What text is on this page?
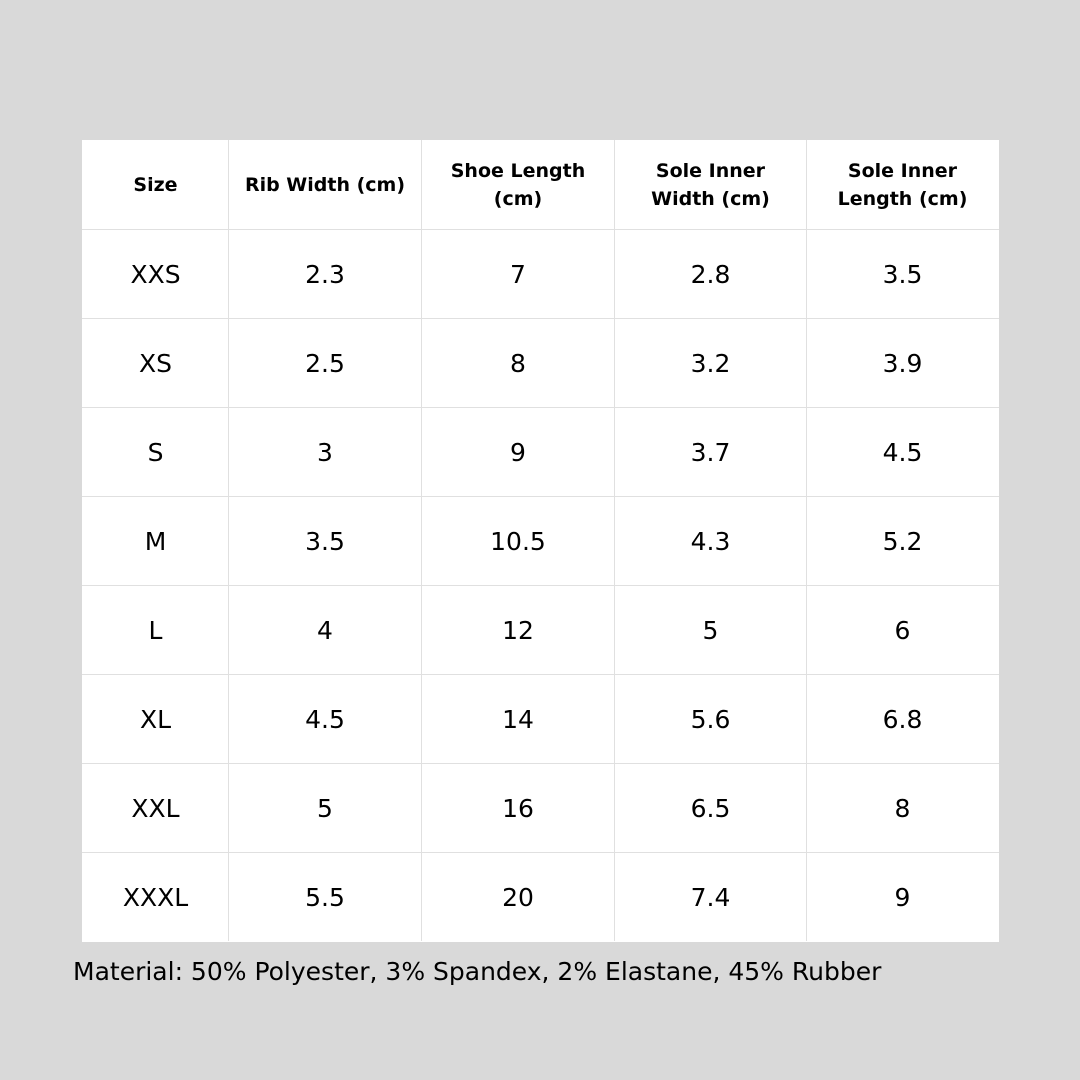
Size	Rib Width (cm)	Shoe Length (cm)	Sole Inner Width (cm)	Sole Inner Length (cm)
XXS	2.3	7	2.8	3.5
XS	2.5	8	3.2	3.9
S	3	9	3.7	4.5
M	3.5	10.5	4.3	5.2
L	4	12	5	6
XL	4.5	14	5.6	6.8
XXL	5	16	6.5	8
XXXL	5.5	20	7.4	9
Material: 50% Polyester, 3% Spandex, 2% Elastane, 45% Rubber
